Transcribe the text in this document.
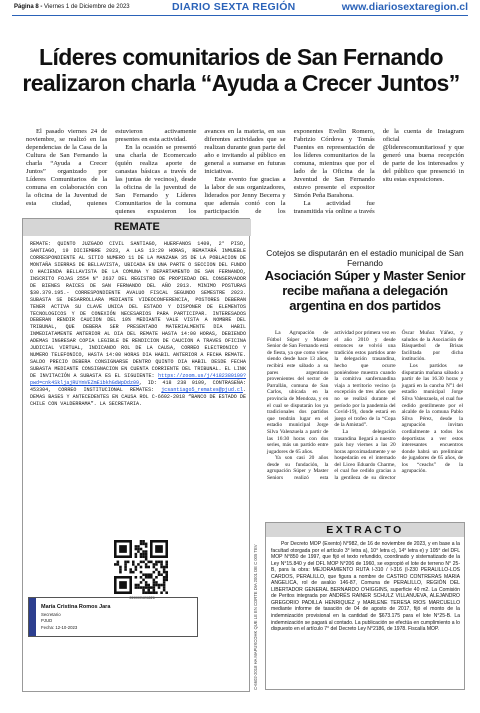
Página 8 - Viernes 1 de Diciembre de 2023	DIARIO SEXTA REGIÓN	www.diariosextaregion.cl
Líderes comunitarios de San Fernando realizaron charla “Ayuda a Crecer Juntos”

El pasado viernes 24 de noviembre, se realizó en las dependencias de la Casa de la Cultura de San Fernando la charla “Ayuda a Crecer Juntos” organizado por Líderes Comunitarios de la comuna en colaboración con la oficina de la Juventud de esta ciudad, quienes estuvieron activamente presentes en esta actividad.

En la ocasión se presentó una charla de Ecomercado (quién realiza aporte de canastas básicas a través de las juntas de vecinos), desde la oficina de la juventud de San Fernando y Líderes Comunitarios de la comuna quienes expusieron los avances en la materia, en sus diferentes actividades que se realizan durante gran parte del año e invitando al público en general a sumarse en futuras iniciativas.

Este evento fue gracias a la labor de sus organizadores, liderados por Jenny Becerra y que además contó con la participación de los exponentes Evelin Romero, Fabrizio Córdova y Tomás Fuentes en representación de los líderes comunitarios de la comuna, mientras que por el lado de la Oficina de la Juventud de San Fernando estuvo presente el expositor Simón Peña Barahona.

La actividad fue transmitida vía online a través de la cuenta de Instagram oficial @liderescomunitariossf y que generó una buena recepción de parte de los interesados y del público que presenció in situ estas exposiciones.

REMATE
REMATE: QUINTO JUZGADO CIVIL SANTIAGO, HUERFANOS 1409, 2° PISO, SANTIAGO, 19 DICIEMBRE 2023, A LAS 13:20 HORAS, REMATARÁ INMUEBLE CORRESPONDIENTE AL SITIO NUMERO 11 DE LA MANZANA 35 DE LA POBLACION DE MONTAÑA SIERRAS DE BELLAVISTA, UBICADA EN UNA PARTE O SECCION DEL FUNDO O HACIENDA BELLAVISTA DE LA COMUNA Y DEPARTAMENTO DE SAN FERNANDO, INSCRITO FOJAS 2554 N° 2637 DEL REGISTRO DE PROPIEDAD DEL CONSERVADOR DE BIENES RAICES DE SAN FERNANDO DEL AÑO 2013. MINIMO POSTURAS $30.379.195.- CORRESPONDIENTE AVALUO FISCAL SEGUNDO SEMESTRE 2023. SUBASTA SE DESARROLLARA MEDIANTE VIDEOCONFERENCIA, POSTORES DEBERAN TENER ACTIVA SU CLAVE UNICA DEL ESTADO Y DISPONER DE ELEMENTOS TECNOLOGICOS Y DE CONEXIÓN NECESARIOS PARA PARTICIPAR. INTERESADOS DEBERAN RENDIR CAUCION DEL 10% MEDIANTE VALE VISTA A NOMBRE DEL TRIBUNAL, QUE DEBERA SER PRESENTADO MATERIALMENTE DIA HABIL INMEDIATAMENTE ANTERIOR AL DIA DEL REMATE HASTA 14:00 HORAS, DEBIENDO ADEMAS INGRESAR COPIA LEGIBLE DE RENDICION DE CAUCION A TRAVES OFICINA JUDICIAL VIRTUAL, INDICANDO ROL DE LA CAUSA, CORREO ELECTRONICO Y NUMERO TELEFONICO, HASTA 14:00 HORAS DIA HABIL ANTERIOR A FECHA REMATE. SALDO PRECIO DEBERA CONSIGNARSE DENTRO QUINTO DIA HABIL DESDE FECHA SUBASTA MEDIANTE CONSIGNACION EN CUENTA CORRIENTE DEL TRIBUNAL. EL LINK DE INVITACIÓN A SUBASTA ES EL SIGUIENTE: https://zoom.us/j/4182380109?pwd=cnk4SkljajRUYmVEZmE1bkhGdWpDdz09, ID: 418 238 0109, CONTRASEÑA: 453304, CORREO INSTITUCIONAL REMATES: jcsantiago5_remates@pjud.cl. DEMAS BASES Y ANTECEDENTES EN CAUSA ROL C-6602-2018 “BANCO DE ESTADO DE CHILE CON VALDERRAMA”. LA SECRETARIA.
0390001696826
María Cristina Romos Jara
Secretario
PJUD
Fecha: 12-10-2023	C-6602-2018 HA MAPUXCOHK QUE LE EN CORTE DIA 2001 DE C 005 TEV
Cotejos se disputarán en el estadio municipal de San Fernando
Asociación Súper y Master Senior recibe mañana a delegación argentina en dos partidos

La Agrupación de Fútbol Súper y Master Senior de San Fernando está de fiesta, ya que como viene siendo desde hace 13 años, recibirá este sábado a su pares argentinos provenientes del sector de Parrallán, comuna de San Carlos, ubicada en la provincia de Mendoza, y en el cual se disputarán los ya tradicionales dos partidos que tendrán lugar en el estadio municipal Jorge Silva Valenzuela a partir de las 16:30 horas con dos series, más un partido entre jugadores de 65 años.

Ya son casi 20 años desde su fundación, la agrupación Súper y Master Seniors realizó esta actividad por primera vez en el año 2010 y desde entonces se volvió una tradición estos partidos ante la delegación trasandina, hecho que ocurre poniéndose muestra cuando la comitiva sanfernandina viaja a territorio vecino (a excepción de tres años que no se realizó durante el período por la pandemia del Covid-19), donde estará en juego el trofeo de la “Copa de la Amistad”.

La delegación trasandina llegará a nuestro país hoy viernes a las 20 horas aproximadamente y se hospedarán en el internado del Liceo Eduardo Charme, el cual fue cedido gracias a la gentileza de su director Óscar Muñoz Yáñez, y saludos de la Asociación de Básquetbol de Brisas facilitada por dicha institución.

Los partidos se disputarán mañana sábado a partir de las 16.30 horas y jugará en la cancha N°1 del estadio municipal Jorge Silva Valenzuela, el cual fue cedido gentilmente por el alcalde de la comuna Pablo Silva Pérez, desde la agrupación invitan cordialmente a todos los deportistas a ver estos interesantes encuentros donde habrá un preliminar de jugadores de 65 años, de los “ceachs” de la agrupación.

EXTRACTO

Por Decreto MOP (Exento) N°982, de 16 de noviembre de 2023, y en base a la facultad otorgada por el artículo 3° letra a), 10° letra c), 14° letra e) y 105° del DFL MOP N°850 de 1997, que fijó el texto refundido, coordinado y sistematizado de la Ley N°15.840 y del DFL MOP N°206 de 1960, se expropió el lote de terreno N° 25-B, para la obra: MEJORAMIENTO RUTA I-310 / I-316 (I-230 PERALILLO-LOS CARDOS, PERALILLO, que figura a nombre de CASTRO CONTRERAS MARIA ANGELICA, rol de avalúo 146-87, Comuna de PERALILLO, REGIÓN DEL LIBERTADOR GENERAL BERNARDO O'HIGGINS, superficie 40 m2. La Comisión de Peritos integrada por ANDRÉS RAINER SCHULZ VILLANUEVA, ALEJANDRO GREGORIO PADILLA HENRIQUEZ y MARLENE TERESA RIOS MARCUELLO mediante informe de tasación de 04 de agosto de 2017, fijó el monto de la indemnización provisional en la cantidad de $673.175 para el lote N°25-B. La indemnización se pagará al contado. La publicación se efectúa en cumplimiento a lo dispuesto en el artículo 7° del Decreto Ley N°2186, de 1978. Fiscalía MOP.
